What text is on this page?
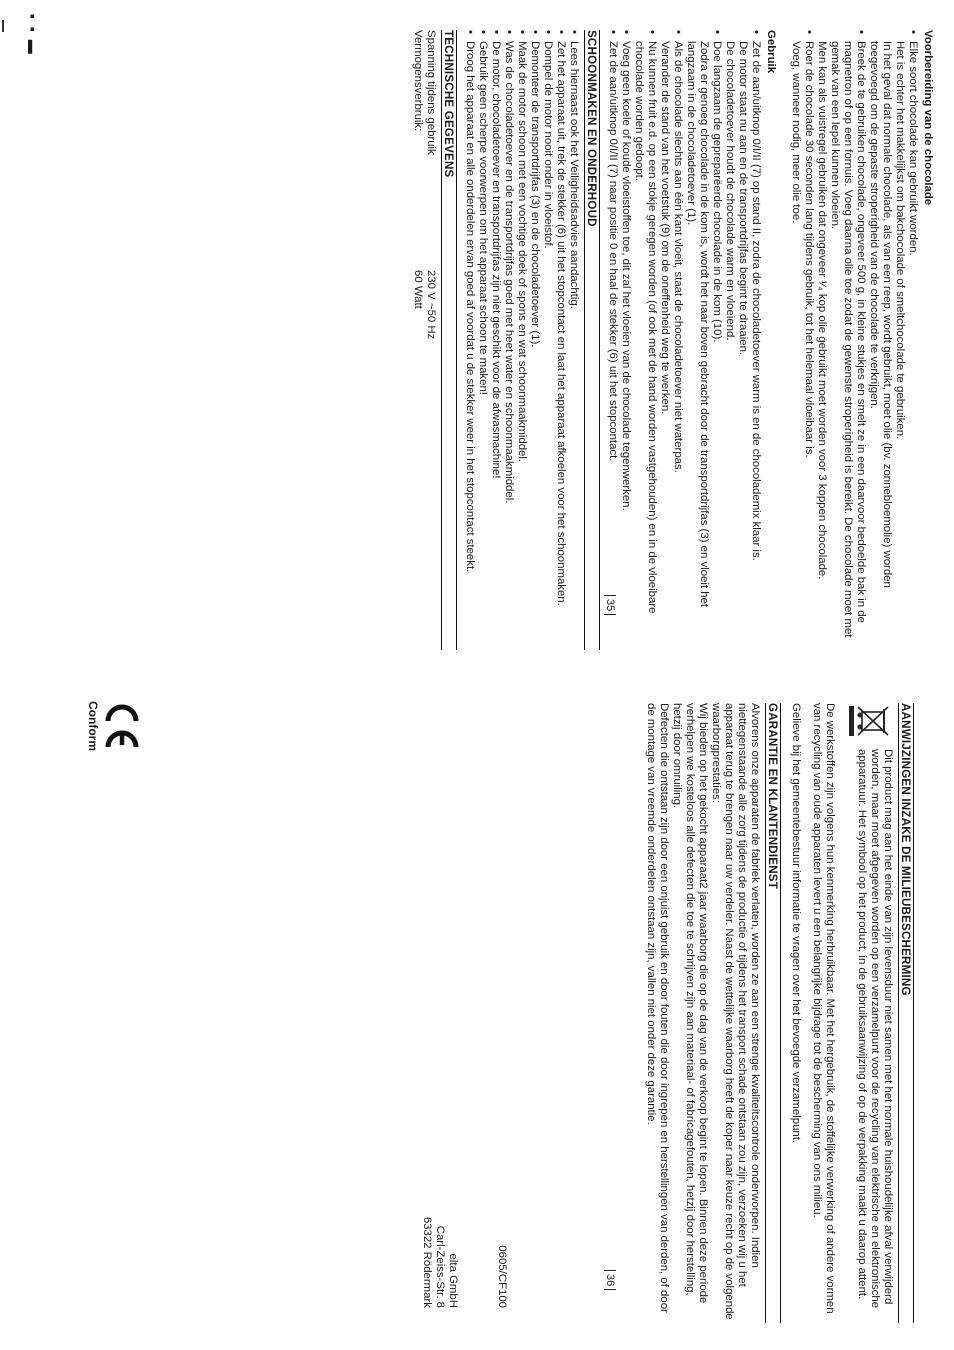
▪ ▪ ▬	Voorbereiding van de chocolade
• Elke soort chocolade kan gebruikt worden.
Het is echter het makkelijkst om bakchocolade of smeltchocolade te gebruiken.
In het geval dat normale chocolade, als van een reep, wordt gebruikt, moet olie (bv. zonnebloemolie) worden toegevoegd om de gepaste stroperigheid van de chocolade te verkrijgen.
• Breek de te gebruiken chocolade, ongeveer 500 g, in kleine stukjes en smelt ze in een daarvoor bedoelde bak in de magnetron of op een fornuis. Voeg daarna olie toe zodat de gewenste stroperigheid is bereikt. De chocolade moet met gemak van een lepel kunnen vloeien.
Men kan als vuistregel gebruiken dat ongeveer ¹⁄₄ kop olie gebruikt moet worden voor 3 koppen chocolade.
• Roer de chocolade 30 seconden lang tijdens gebruik, tot het helemaal vloeibaar is.
Voeg, wanneer nodig, meer olie toe.
Gebruik
• Zet de aan/uitknop 0/I/II (7) op stand II, zodra de chocoladetoever warm is en de chocolademix klaar is.
De motor staat nu aan en de transportdrijfas begint te draaien.
De chocoladetoever houdt de chocolade warm en vloeiend.
• Doe langzaam de gepreparëerde chocolade in de kom (10).
Zodra er genoeg chocolade in de kom is, wordt het naar boven gebracht door de transportdrijfas (3) en vloeit het langzaam in de chocoladetoever (1).
• Als de chocolade slechts aan één kant vloeit, staat de chocoladetoever niet waterpas.
Verander de stand van het voetstuk (9) om de oneffenheid weg te werken.
• Nu kunnen fruit e.d. op een stokje geregen worden (of ook met de hand worden vastgehouden) en in de vloeibare chocolade worden gedoopt.
• Voeg geen koele of koude vloeistoffen toe, dit zal het vloeien van de chocolade tegenwerken.
• Zet de aan/uitknop 0/I/II (7) naar positie 0 en haal de stekker (6) uit het stopcontact.
SCHOONMAKEN EN ONDERHOUD
• Lees hiernaast ook het Veiligheidsadvies aandachtig.
• Zet het apparaat uit, trek de stekker (6) uit het stopcontact en laat het apparaat afkoelen voor het schoonmaken.
• Dompel de motor nooit onder in vloeistof.
• Demonteer de transportdrijfas (3) en de chocoladetoever (1).
• Maak de motor schoon met een vochtige doek of spons en wat schoonmaakmiddel.
• Was de chocoladetoever en de transportdrijfas goed met heet water en schoonmaakmiddel.
• De motor, chocoladetoever en transportdrijfas zijn niet geschikt voor de afwasmachine!
• Gebruik geen scherpe voorwerpen om het apparaat schoon te maken!
• Droog het apparaat en alle onderdelen ervan goed af voordat u de stekker weer in het stopcontact steekt.
TECHNISCHE GEGEVENS
Spanning tijdens gebruik
230 V ~50 Hz
Vermogensverbruik:
60 Watt
35
AANWIJZINGEN INZAKE DE MILIEUBESCHERMING

Dit product mag aan het einde van zijn levensduur niet samen met het normale huishoudelijke afval verwijderd worden, maar moet afgegeven worden op een verzamelpunt voor de recycling van elektrische en elektronische apparatuur. Het symbool op het product, in de gebruiksaanwijzing of op de verpakking maakt u daarop attent.

De werkstoffen zijn volgens hun kenmerking herbruikbaar. Met het hergebruik, de stoffelijke verwerking of andere vormen van recycling van oude apparaten levert u een belangrijke bijdrage tot de bescherming van ons milieu.

Gelieve bij het gemeentebestuur informatie te vragen over het bevoegde verzamelpunt.

GARANTIE EN KLANTENDIENST

Alvorens onze apparaten de fabriek verlaten, worden ze aan een strenge kwaliteitscontrole onderworpen. Indien niettegenstaande alle zorg tijdens de productie of tijdens het transport schade ontstaan zou zijn, verzoeken wij u het apparaat terug te brengen naar uw verdeler. Naast de wettelijke waarborg heeft de koper naar keuze recht op de volgende waarborgprestaties:

Wij bieden op het gekocht apparaat2 jaar waarborg die op de dag van de verkoop begint te lopen. Binnen deze periode verhelpen we kosteloos alle defecten die toe te schrijven zijn aan materiaal- of fabricagefouten, hetzij door herstelling, hetzij door omruiling.

Defecten die ontstaan zijn door een onjuist gebruik en door fouten die door ingrepen en herstellingen van derden, of door de montage van vreemde onderdelen ontstaan zijn, vallen niet onder deze garantie.

0605/CF100
elta GmbH
Carl-Zeiss-Str. 8
63322 Rödermark
Conform
36
